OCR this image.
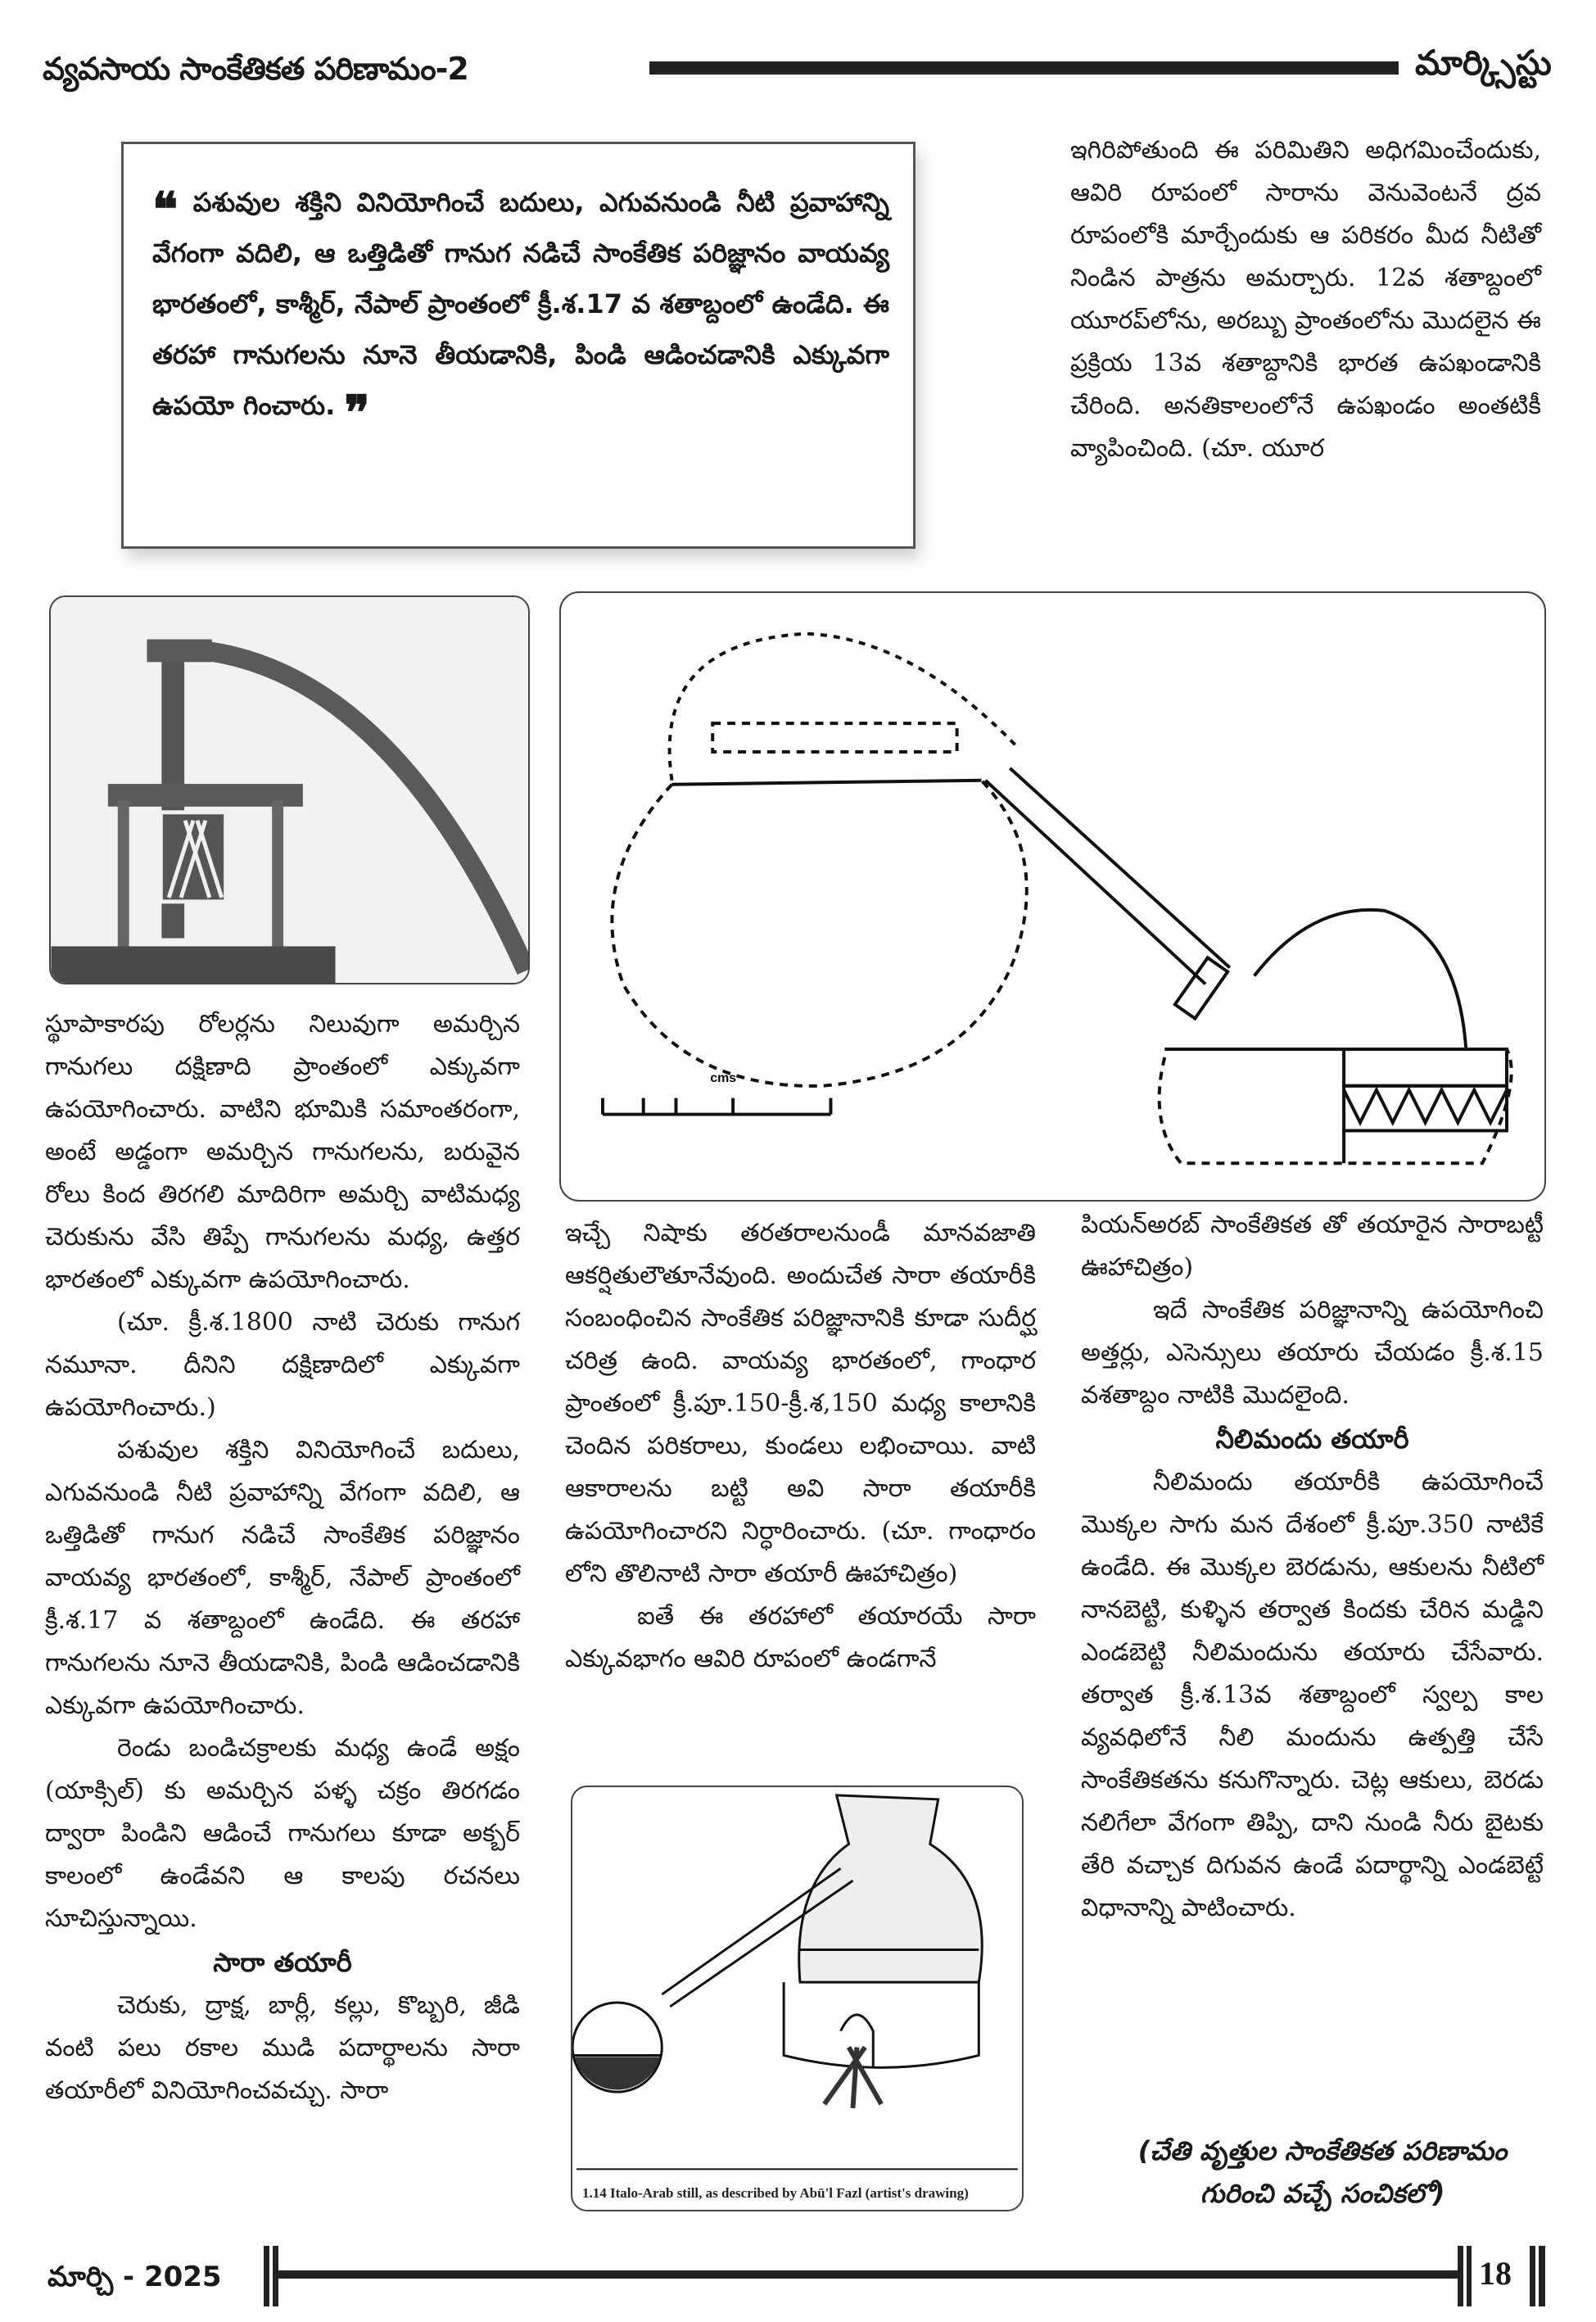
వ్యవసాయ సాంకేతికత పరిణామం-2	మార్క్సిస్టు
❝ పశువుల శక్తిని వినియోగించే బదులు, ఎగువనుండి నీటి ప్రవాహాన్ని వేగంగా వదిలి, ఆ ఒత్తిడితో గానుగ నడిచే సాంకేతిక పరిజ్ఞానం వాయవ్య భారతంలో, కాశ్మీర్, నేపాల్ ప్రాంతంలో క్రీ.శ.17 వ శతాబ్దంలో ఉండేది. ఈ తరహా గానుగలను నూనె తీయడానికి, పిండి ఆడించడానికి ఎక్కువగా ఉపయో గించారు. ❞

ఇగిరిపోతుంది ఈ పరిమితిని అధిగమించేందుకు, ఆవిరి రూపంలో సారాను వెనువెంటనే ద్రవ రూపంలోకి మార్చేందుకు ఆ పరికరం మీద నీటితో నిండిన పాత్రను అమర్చారు. 12వ శతాబ్దంలో యూరప్‌లోను, అరబ్బు ప్రాంతంలోను మొదలైన ఈ ప్రక్రియ 13వ శతాబ్దానికి భారత ఉపఖండానికి చేరింది. అనతికాలంలోనే ఉపఖండం అంతటికీ వ్యాపించింది. (చూ. యూర

cms

స్థూపాకారపు రోలర్లను నిలువుగా అమర్చిన గానుగలు దక్షిణాది ప్రాంతంలో ఎక్కువగా ఉపయోగించారు. వాటిని భూమికి సమాంతరంగా, అంటే అడ్డంగా అమర్చిన గానుగలను, బరువైన రోలు కింద తిరగలి మాదిరిగా అమర్చి వాటిమధ్య చెరుకును వేసి తిప్పే గానుగలను మధ్య, ఉత్తర భారతంలో ఎక్కువగా ఉపయోగించారు.

(చూ. క్రీ.శ.1800 నాటి చెరుకు గానుగ నమూనా. దీనిని దక్షిణాదిలో ఎక్కువగా ఉపయోగించారు.)

పశువుల శక్తిని వినియోగించే బదులు, ఎగువనుండి నీటి ప్రవాహాన్ని వేగంగా వదిలి, ఆ ఒత్తిడితో గానుగ నడిచే సాంకేతిక పరిజ్ఞానం వాయవ్య భారతంలో, కాశ్మీర్, నేపాల్ ప్రాంతంలో క్రీ.శ.17 వ శతాబ్దంలో ఉండేది. ఈ తరహా గానుగలను నూనె తీయడానికి, పిండి ఆడించడానికి ఎక్కువగా ఉపయోగించారు.

రెండు బండిచక్రాలకు మధ్య ఉండే అక్షం (యాక్సిల్) కు అమర్చిన పళ్ళ చక్రం తిరగడం ద్వారా పిండిని ఆడించే గానుగలు కూడా అక్బర్ కాలంలో ఉండేవని ఆ కాలపు రచనలు సూచిస్తున్నాయి.

సారా తయారీ

చెరుకు, ద్రాక్ష, బార్లీ, కల్లు, కొబ్బరి, జీడి వంటి పలు రకాల ముడి పదార్థాలను సారా తయారీలో వినియోగించవచ్చు. సారా

ఇచ్చే నిషాకు తరతరాలనుండీ మానవజాతి ఆకర్షితులౌతూనేవుంది. అందుచేత సారా తయారీకి సంబంధించిన సాంకేతిక పరిజ్ఞానానికి కూడా సుదీర్ఘ చరిత్ర ఉంది. వాయవ్య భారతంలో, గాంధార ప్రాంతంలో క్రీ.పూ.150-క్రీ.శ,150 మధ్య కాలానికి చెందిన పరికరాలు, కుండలు లభించాయి. వాటి ఆకారాలను బట్టి అవి సారా తయారీకి ఉపయోగించారని నిర్ధారించారు. (చూ. గాంధారం లోని తొలినాటి సారా తయారీ ఊహాచిత్రం)

ఐతే ఈ తరహాలో తయారయే సారా ఎక్కువభాగం ఆవిరి రూపంలో ఉండగానే

1.14 Italo-Arab still, as described by Abū'l Fazl (artist's drawing)

పియన్‌అరబ్ సాంకేతికత తో తయారైన సారాబట్టీ ఊహాచిత్రం)

ఇదే సాంకేతిక పరిజ్ఞానాన్ని ఉపయోగించి అత్తర్లు, ఎసెన్సులు తయారు చేయడం క్రీ.శ.15 వశతాబ్దం నాటికి మొదలైంది.

నీలిమందు తయారీ

నీలిమందు తయారీకి ఉపయోగించే మొక్కల సాగు మన దేశంలో క్రీ.పూ.350 నాటికే ఉండేది. ఈ మొక్కల బెరడును, ఆకులను నీటిలో నానబెట్టి, కుళ్ళిన తర్వాత కిందకు చేరిన మడ్డిని ఎండబెట్టి నీలిమందును తయారు చేసేవారు. తర్వాత క్రీ.శ.13వ శతాబ్దంలో స్వల్ప కాల వ్యవధిలోనే నీలి మందును ఉత్పత్తి చేసే సాంకేతికతను కనుగొన్నారు. చెట్ల ఆకులు, బెరడు నలిగేలా వేగంగా తిప్పి, దాని నుండి నీరు బైటకు తేరి వచ్చాక దిగువన ఉండే పదార్థాన్ని ఎండబెట్టే విధానాన్ని పాటించారు.

(చేతి వృత్తుల సాంకేతికత పరిణామం
గురించి వచ్చే సంచికలో)
మార్చి - 2025	18
